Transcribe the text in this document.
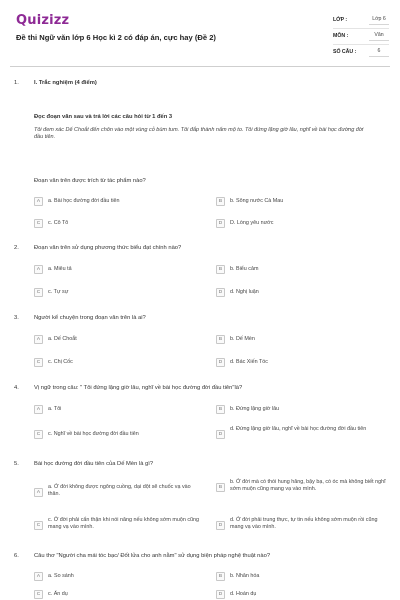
Quizizz
Đề thi Ngữ văn lớp 6 Học kì 2 có đáp án, cực hay (Đề 2)
LỚP :	Lớp 6
MÔN :	Văn
SỐ CÂU :	6
1.	I. Trắc nghiệm (4 điểm)
Đọc đoạn văn sau và trả lời các câu hỏi từ 1 đến 3
Tôi đem xác Dế Choắt đến chôn vào một vùng cỏ bùm tum. Tôi đắp thành nấm mộ to. Tôi đứng lặng giờ lâu, nghĩ về bài học đường đời đầu tiên.
Đoạn văn trên được trích từ tác phẩm nào?
A	a. Bài học đường đời đầu tiên	B	b. Sông nước Cà Mau
C	c. Cô Tô	D	D. Lòng yêu nước
2.	Đoạn văn trên sử dụng phương thức biểu đạt chính nào?
A	a. Miêu tả	B	b. Biểu cảm
C	c. Tự sự	D	d. Nghị luận
3.	Người kể chuyện trong đoạn văn trên là ai?
A	a. Dế Choắt	B	b. Dế Mèn
C	c. Chị Cốc	D	d. Bác Xiến Tóc
4.	Vị ngữ trong câu: " Tôi đứng lặng giờ lâu, nghĩ về bài học đường đời đầu tiên"là?
A	a. Tôi	B	b. Đứng lặng giờ lâu
C	c. Nghĩ về bài học đường đời đầu tiên	D
d. Đứng lặng giờ lâu, nghĩ về bài học đường đời đầu tiên
5.	Bài học đường đời đầu tiên của Dế Mèn là gì?
A
a. Ở đời không được ngông cuồng, dại dột sẽ chuốc vạ vào thân.
B
b. Ở đời mà có thói hung hăng, bậy bạ, có óc mà không biết nghĩ sớm muộn cũng mang vạ vào mình.
C
c. Ở đời phải cẩn thận khi nói năng nếu không sớm muộn cũng mang vạ vào mình.	D
d. Ở đời phải trung thực, tự tin nếu không sớm muộn rồi cũng mang vạ vào mình.
6.	Câu thơ "Người cha mái tóc bạc/ Đốt lửa cho anh nằm" sử dụng biện pháp nghệ thuật nào?
A	a. So sánh	B	b. Nhân hóa
C	c. Ẩn dụ	D	d. Hoán dụ
